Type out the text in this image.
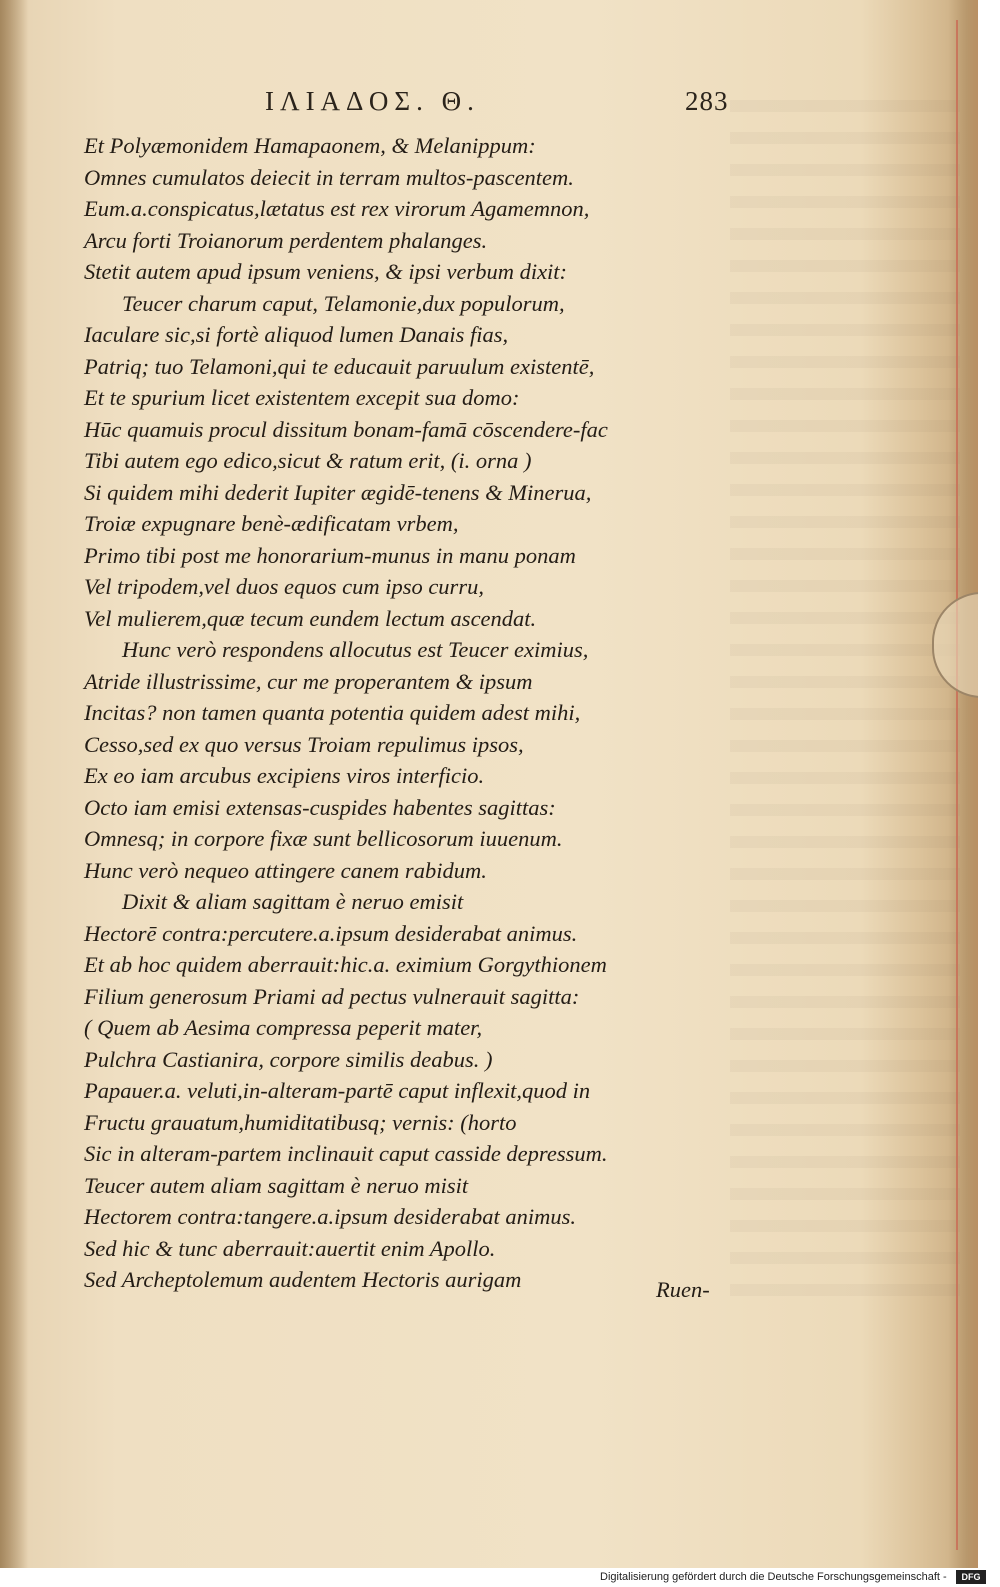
ΙΛΙΑΔΟΣ. Θ.	283
Et Polyæmonidem Hamapaonem, & Melanippum:
Omnes cumulatos deiecit in terram multos-pascentem.
Eum.a.conspicatus,lætatus est rex virorum Agamemnon,
Arcu forti Troianorum perdentem phalanges.
Stetit autem apud ipsum veniens, & ipsi verbum dixit:
Teucer charum caput, Telamonie,dux populorum,
Iaculare sic,si fortè aliquod lumen Danais fias,
Patriq; tuo Telamoni,qui te educauit paruulum existentē,
Et te spurium licet existentem excepit sua domo:
Hūc quamuis procul dissitum bonam-famā cōscendere-fac
Tibi autem ego edico,sicut & ratum erit, (i. orna )
Si quidem mihi dederit Iupiter ægidē-tenens & Minerua,
Troiæ expugnare benè-ædificatam vrbem,
Primo tibi post me honorarium-munus in manu ponam
Vel tripodem,vel duos equos cum ipso curru,
Vel mulierem,quæ tecum eundem lectum ascendat.
Hunc verò respondens allocutus est Teucer eximius,
Atride illustrissime, cur me properantem & ipsum
Incitas? non tamen quanta potentia quidem adest mihi,
Cesso,sed ex quo versus Troiam repulimus ipsos,
Ex eo iam arcubus excipiens viros interficio.
Octo iam emisi extensas-cuspides habentes sagittas:
Omnesq; in corpore fixæ sunt bellicosorum iuuenum.
Hunc verò nequeo attingere canem rabidum.
Dixit & aliam sagittam è neruo emisit
Hectorē contra:percutere.a.ipsum desiderabat animus.
Et ab hoc quidem aberrauit:hic.a. eximium Gorgythionem
Filium generosum Priami ad pectus vulnerauit sagitta:
( Quem ab Aesima compressa peperit mater,
Pulchra Castianira, corpore similis deabus. )
Papauer.a. veluti,in-alteram-partē caput inflexit,quod in
Fructu grauatum,humiditatibusq; vernis: (horto
Sic in alteram-partem inclinauit caput casside depressum.
Teucer autem aliam sagittam è neruo misit
Hectorem contra:tangere.a.ipsum desiderabat animus.
Sed hic & tunc aberrauit:auertit enim Apollo.
Sed Archeptolemum audentem Hectoris aurigam	Ruen-
Digitalisierung gefördert durch die Deutsche Forschungsgemeinschaft -	DFG
